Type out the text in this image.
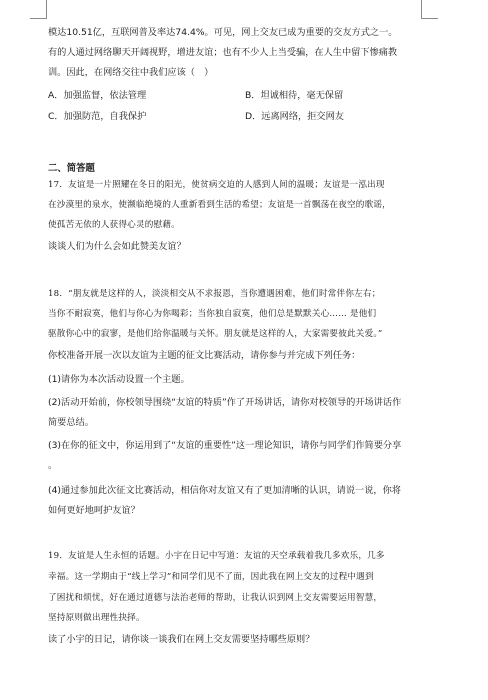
模达10.51亿，互联网普及率达74.4%。可见，网上交友已成为重要的交友方式之一。
有的人通过网络聊天开阔视野，增进友谊；也有不少人上当受骗，在人生中留下惨痛教
训。因此，在网络交往中我们应该（　）
A．加强监督，依法管理	B．坦诚相待，毫无保留
C．加强防范，自我保护	D．远离网络，拒交网友
二、简答题
17．友谊是一片照耀在冬日的阳光，使贫病交迫的人感到人间的温暖；友谊是一泓出现
在沙漠里的泉水，使濒临绝境的人重新看到生活的希望；友谊是一首飘荡在夜空的歌谣，
使孤苦无依的人获得心灵的慰藉。
谈谈人们为什么会如此赞美友谊？
18．“朋友就是这样的人，淡淡相交从不求报恩，当你遭遇困难，他们时常伴你左右；
当你不耐寂寞，他们与你心为你喝彩；当你独自寂寞，他们总是默默关心…… 是他们
驱散你心中的寂寥，是他们给你温暖与关怀。朋友就是这样的人，大家需要彼此关爱。”
你校准备开展一次以友谊为主题的征文比赛活动，请你参与并完成下列任务：
(1)请你为本次活动设置一个主题。
(2)活动开始前，你校领导围绕“友谊的特质”作了开场讲话，请你对校领导的开场讲话作
简要总结。
(3)在你的征文中，你运用到了“友谊的重要性”这一理论知识，请你与同学们作简要分享
。
(4)通过参加此次征文比赛活动，相信你对友谊又有了更加清晰的认识，请说一说，你将
如何更好地呵护友谊？
19．友谊是人生永恒的话题。小宇在日记中写道：友谊的天空承载着我几多欢乐，几多
幸福。这一学期由于“线上学习”和同学们见不了面，因此我在网上交友的过程中遇到
了困扰和烦忧，好在通过道德与法治老师的帮助，让我认识到网上交友需要运用智慧，
坚持原则做出理性抉择。
读了小宇的日记，请你谈一谈我们在网上交友需要坚持哪些原则？
